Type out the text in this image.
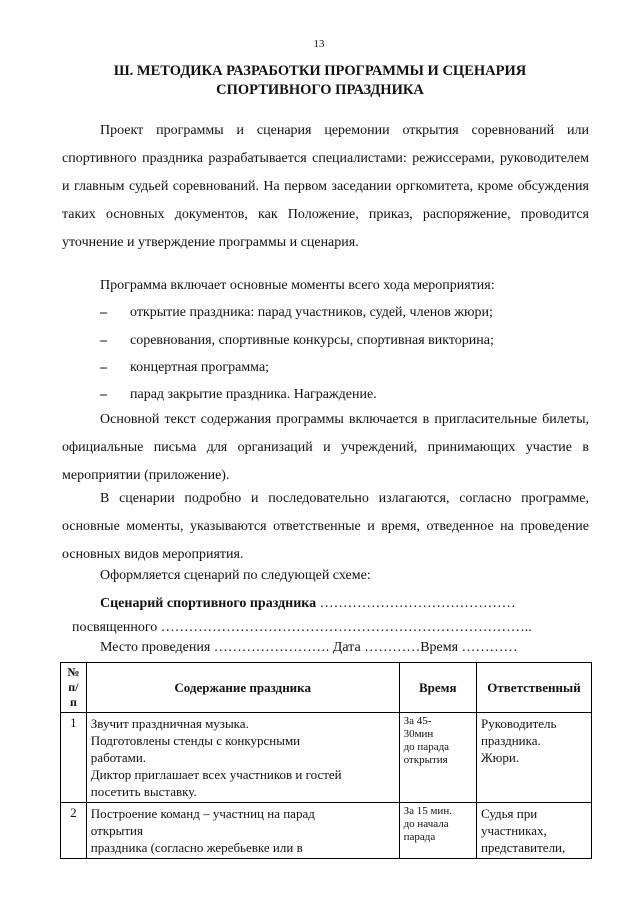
13
Ш. МЕТОДИКА РАЗРАБОТКИ ПРОГРАММЫ И СЦЕНАРИЯ
СПОРТИВНОГО ПРАЗДНИКА

Проект программы и сценария церемонии открытия соревнований или спортивного праздника разрабатывается специалистами: режиссерами, руководителем и главным судьей соревнований. На первом заседании оргкомитета, кроме обсуждения таких основных документов, как Положение, приказ, распоряжение, проводится уточнение и утверждение программы и сценария.

Программа включает основные моменты всего хода мероприятия:

– открытие праздника: парад участников, судей, членов жюри;
– соревнования, спортивные конкурсы, спортивная викторина;
– концертная программа;
– парад закрытие праздника. Награждение.

Основной текст содержания программы включается в пригласительные билеты, официальные письма для организаций и учреждений, принимающих участие в мероприятии (приложение).

В сценарии подробно и последовательно излагаются, согласно программе, основные моменты, указываются ответственные и время, отведенное на проведение основных видов мероприятия.

Оформляется сценарий по следующей схеме:

Сценарий спортивного праздника ……………………………………
посвященного ……………………………………………………………………..
Место проведения ……………………. Дата …………Время …………
№ п/п	Содержание праздника	Время	Ответственный
1	Звучит праздничная музыка.
Подготовлены стенды с конкурсными
работами.
Диктор приглашает всех участников и гостей
посетить выставку.	За 45-
30мин
до парада
открытия	Руководитель
праздника.
Жюри.

2	Построение команд – участниц на парад
открытия
праздника (согласно жеребьевке или в	За 15 мин.
до начала
парада	Судья при
участниках,
представители,
